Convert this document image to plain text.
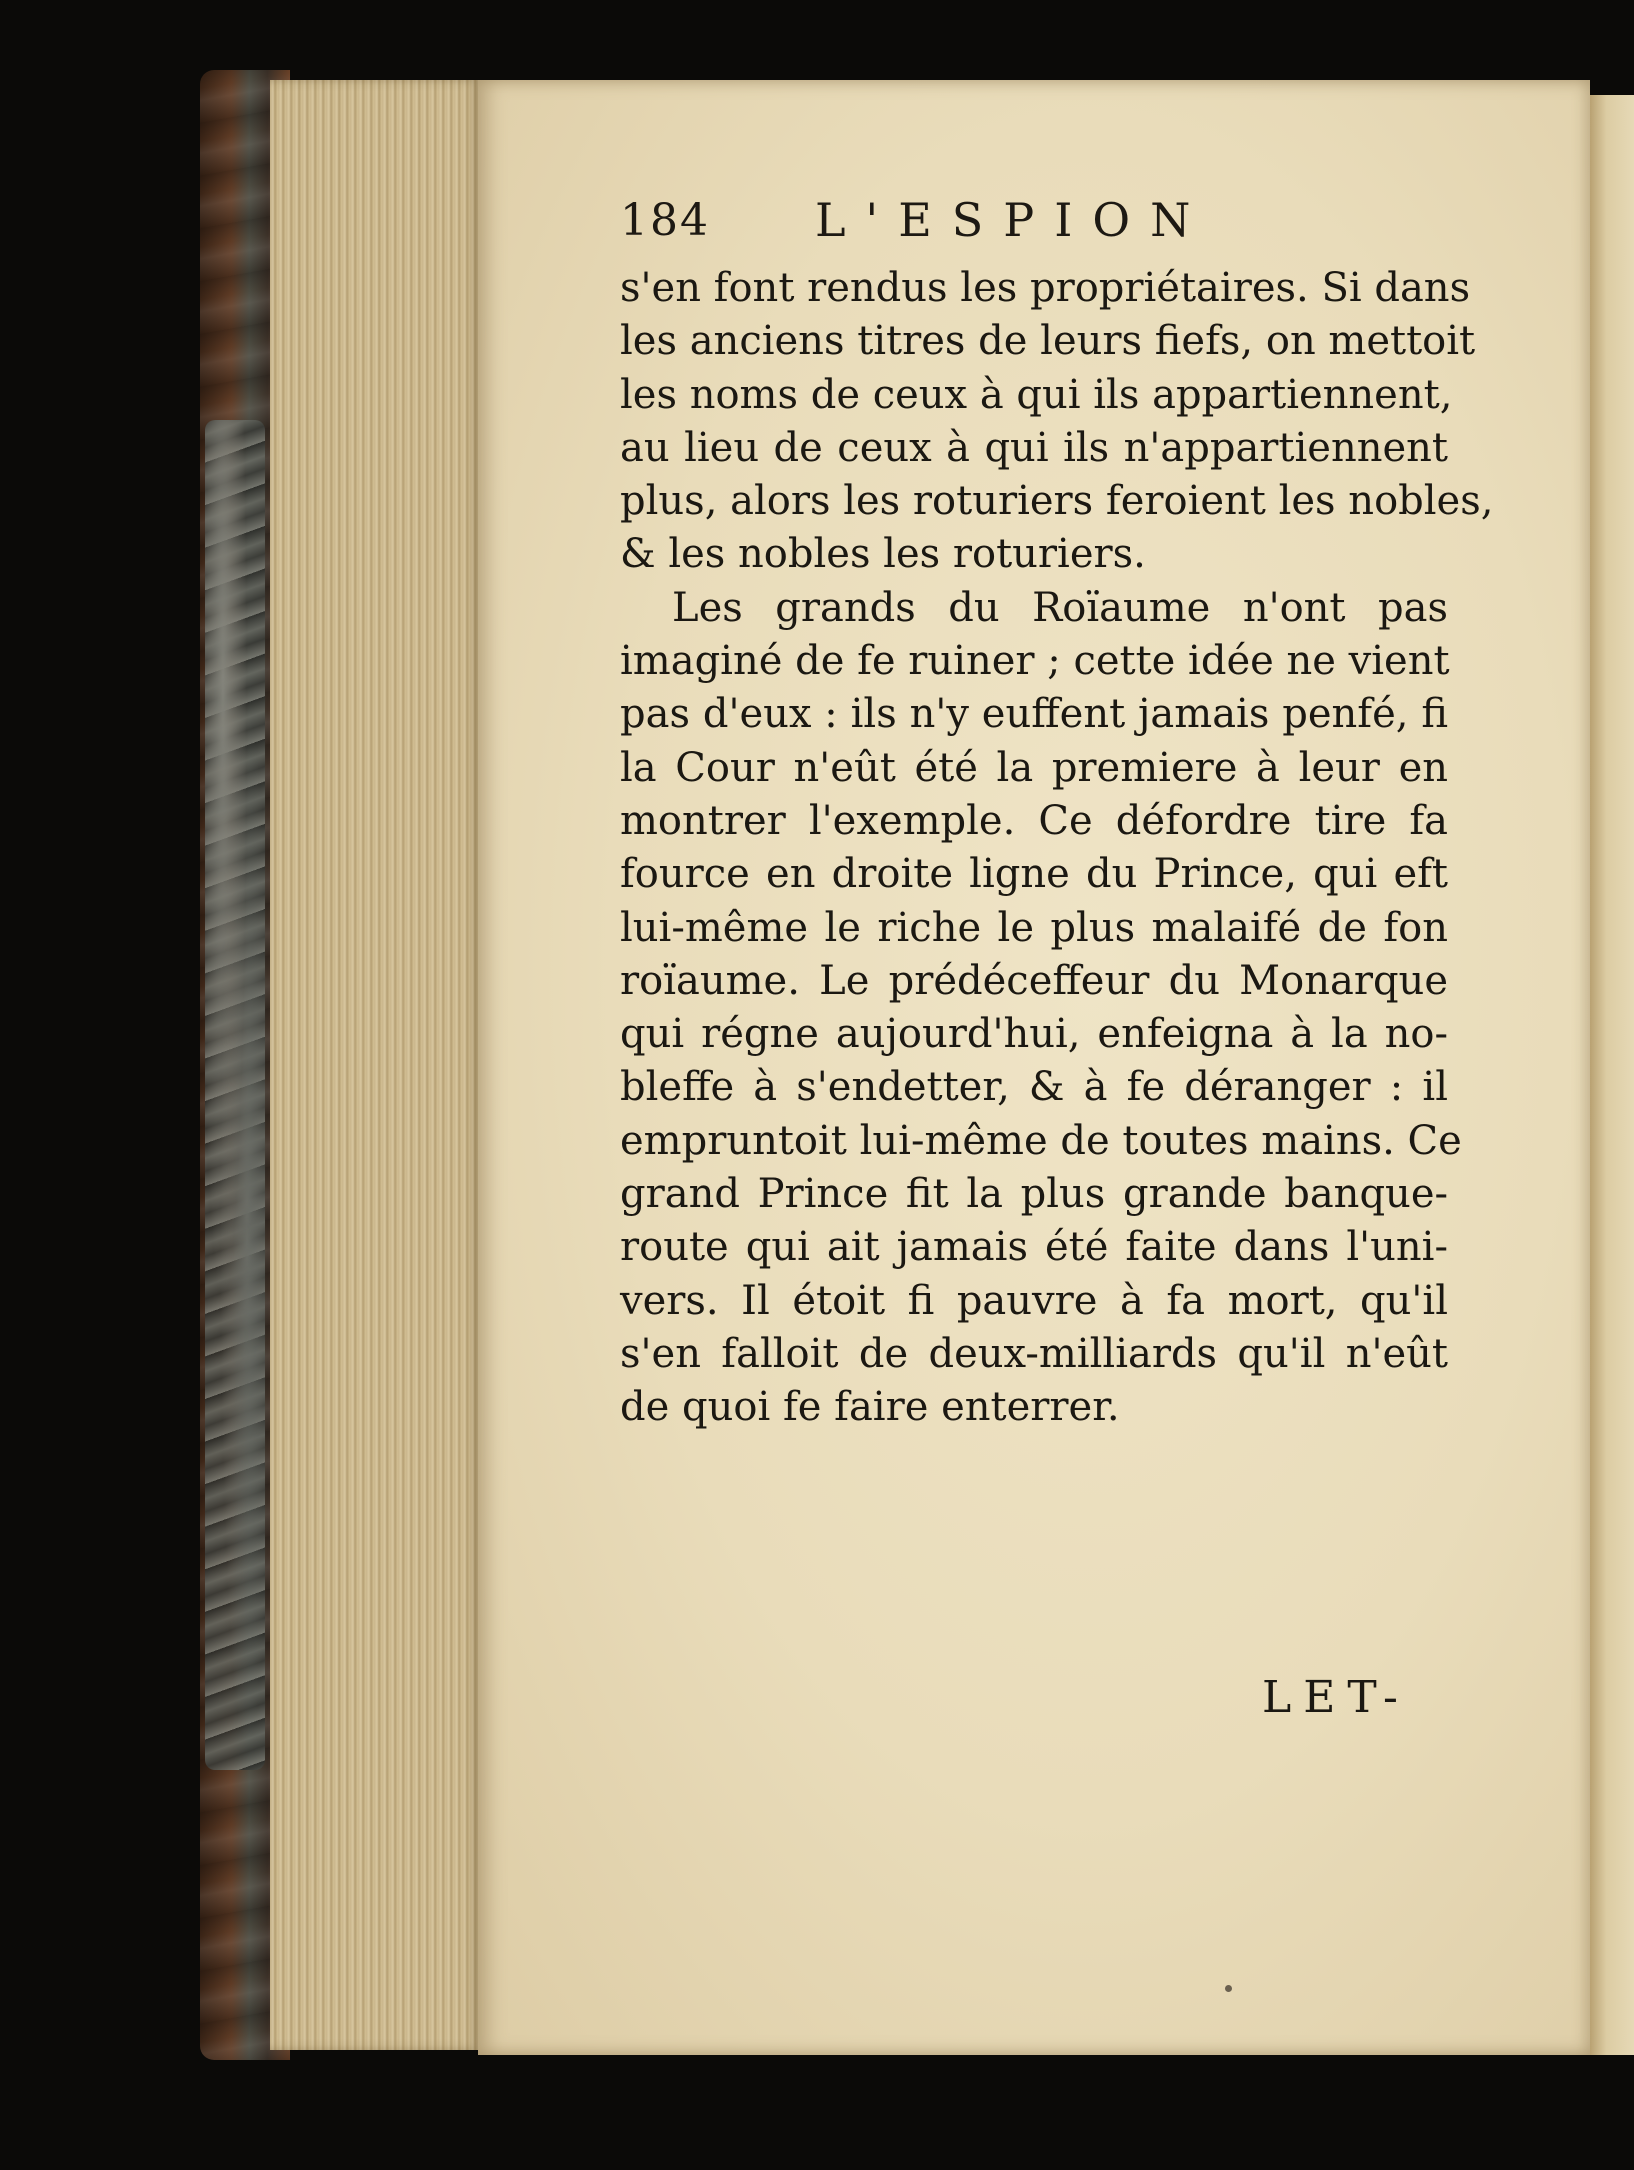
184 L'ESPION
s'en font rendus les propriétaires. Si dans
les anciens titres de leurs fiefs, on mettoit
les noms de ceux à qui ils appartiennent,
au lieu de ceux à qui ils n'appartiennent
plus, alors les roturiers feroient les nobles,
& les nobles les roturiers.
Les grands du Roïaume n'ont pas
imaginé de fe ruiner ; cette idée ne vient
pas d'eux : ils n'y euffent jamais penfé, fi
la Cour n'eût été la premiere à leur en
montrer l'exemple. Ce défordre tire fa
fource en droite ligne du Prince, qui eft
lui-même le riche le plus malaifé de fon
roïaume. Le prédéceffeur du Monarque
qui régne aujourd'hui, enfeigna à la no-
bleffe à s'endetter, & à fe déranger : il
empruntoit lui-même de toutes mains. Ce
grand Prince fit la plus grande banque-
route qui ait jamais été faite dans l'uni-
vers. Il étoit fi pauvre à fa mort, qu'il
s'en falloit de deux-milliards qu'il n'eût
de quoi fe faire enterrer.
LET-
